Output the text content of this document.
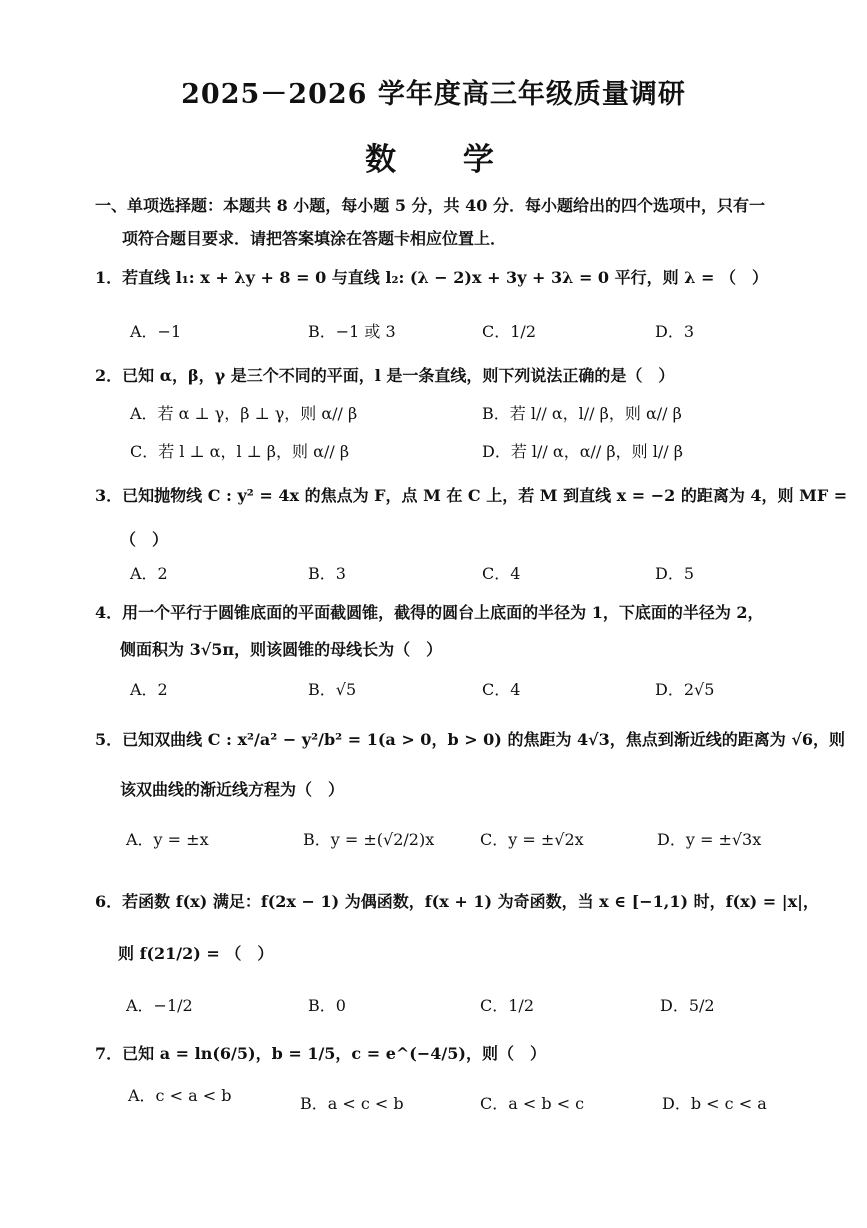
2025－2026 学年度高三年级质量调研
数 学
一、单项选择题：本题共 8 小题，每小题 5 分，共 40 分．每小题给出的四个选项中，只有一
项符合题目要求．请把答案填涂在答题卡相应位置上．
1．若直线 l₁: x + λy + 8 = 0 与直线 l₂: (λ − 2)x + 3y + 3λ = 0 平行，则 λ = （　）
A．−1	B．−1 或 3	C．1/2	D．3
2．已知 α，β，γ 是三个不同的平面，l 是一条直线，则下列说法正确的是（　）
A．若 α ⊥ γ，β ⊥ γ，则 α// β	B．若 l// α，l// β，则 α// β
C．若 l ⊥ α，l ⊥ β，则 α// β	D．若 l// α，α// β，则 l// β
3．已知抛物线 C : y² = 4x 的焦点为 F，点 M 在 C 上，若 M 到直线 x = −2 的距离为 4，则 MF =
（　）
A．2	B．3	C．4	D．5
4．用一个平行于圆锥底面的平面截圆锥，截得的圆台上底面的半径为 1，下底面的半径为 2，
侧面积为 3√5π，则该圆锥的母线长为（　）
A．2	B．√5	C．4	D．2√5
5．已知双曲线 C : x²/a² − y²/b² = 1(a > 0，b > 0) 的焦距为 4√3，焦点到渐近线的距离为 √6，则
该双曲线的渐近线方程为（　）
A．y = ±x	B．y = ±(√2/2)x	C．y = ±√2x	D．y = ±√3x
6．若函数 f(x) 满足：f(2x − 1) 为偶函数，f(x + 1) 为奇函数，当 x ∈ [−1,1) 时，f(x) = |x|，
则 f(21/2) = （　）
A．−1/2	B．0	C．1/2	D．5/2
7．已知 a = ln(6/5)，b = 1/5，c = e^(−4/5)，则（　）
A．c < a < b	B．a < c < b	C．a < b < c	D．b < c < a
